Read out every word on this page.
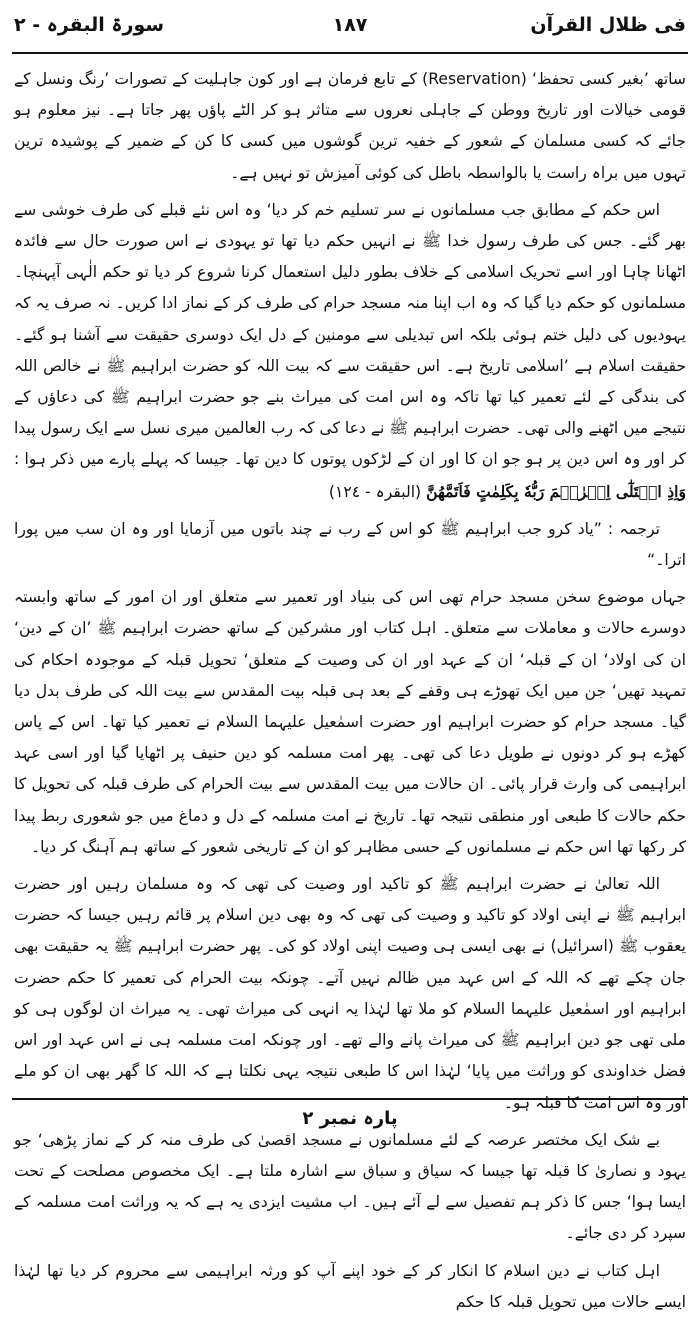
فی ظلال القرآن
١٨٧
سورۃ البقرہ - ٢

ساتھ ’بغیر کسی تحفظ‘ (Reservation) کے تابع فرمان ہے اور کون جاہلیت کے تصورات ’رنگ ونسل کے قومی خیالات اور تاریخ ووطن کے جاہلی نعروں سے متاثر ہو کر الٹے پاؤں پھر جاتا ہے۔ نیز معلوم ہو جائے کہ کسی مسلمان کے شعور کے خفیہ ترین گوشوں میں کسی کا کن کے ضمیر کے پوشیدہ ترین تہوں میں براہ راست یا بالواسطہ باطل کی کوئی آمیزش تو نہیں ہے۔

اس حکم کے مطابق جب مسلمانوں نے سر تسلیم خم کر دیا‘ وہ اس نئے قبلے کی طرف خوشی سے بھر گئے۔ جس کی طرف رسول خدا ﷺ نے انہیں حکم دیا تھا تو یہودی نے اس صورت حال سے فائدہ اٹھانا چاہا اور اسے تحریک اسلامی کے خلاف بطور دلیل استعمال کرنا شروع کر دیا تو حکم الٰہی آپہنچا۔ مسلمانوں کو حکم دیا گیا کہ وہ اب اپنا منہ مسجد حرام کی طرف کر کے نماز ادا کریں۔ نہ صرف یہ کہ یہودیوں کی دلیل ختم ہوئی بلکہ اس تبدیلی سے مومنین کے دل ایک دوسری حقیقت سے آشنا ہو گئے۔ حقیقت اسلام ہے ’اسلامی تاریخ ہے۔ اس حقیقت سے کہ بیت اللہ کو حضرت ابراہیم ﷺ نے خالص اللہ کی بندگی کے لئے تعمیر کیا تھا تاکہ وہ اس امت کی میراث بنے جو حضرت ابراہیم ﷺ کی دعاؤں کے نتیجے میں اٹھنے والی تھی۔ حضرت ابراہیم ﷺ نے دعا کی کہ رب العالمین میری نسل سے ایک رسول پیدا کر اور وہ اس دین پر ہو جو ان کا اور ان کے لڑکوں پوتوں کا دین تھا۔ جیسا کہ پہلے پارے میں ذکر ہوا : وَاِذِ ابۡتَلٰٓى اِبۡرٰهٖمَ رَبُّهٗ بِکَلِمٰتٍ فَاَتَمَّهُنَّ (البقرہ - ١٢٤)

ترجمہ : ”یاد کرو جب ابراہیم ﷺ کو اس کے رب نے چند باتوں میں آزمایا اور وہ ان سب میں پورا اترا۔“

جہاں موضوع سخن مسجد حرام تھی اس کی بنیاد اور تعمیر سے متعلق اور ان امور کے ساتھ وابستہ دوسرے حالات و معاملات سے متعلق۔ اہل کتاب اور مشرکین کے ساتھ حضرت ابراہیم ﷺ ’ان کے دین‘ ان کی اولاد‘ ان کے قبلہ‘ ان کے عہد اور ان کی وصیت کے متعلق‘ تحویل قبلہ کے موجودہ احکام کی تمہید تھیں‘ جن میں ایک تھوڑے ہی وقفے کے بعد ہی قبلہ بیت المقدس سے بیت اللہ کی طرف بدل دیا گیا۔ مسجد حرام کو حضرت ابراہیم اور حضرت اسمٰعیل علیہما السلام نے تعمیر کیا تھا۔ اس کے پاس کھڑے ہو کر دونوں نے طویل دعا کی تھی۔ پھر امت مسلمہ کو دین حنیف پر اٹھایا گیا اور اسی عہد ابراہیمی کی وارث قرار پائی۔ ان حالات میں بیت المقدس سے بیت الحرام کی طرف قبلہ کی تحویل کا حکم حالات کا طبعی اور منطقی نتیجہ تھا۔ تاریخ نے امت مسلمہ کے دل و دماغ میں جو شعوری ربط پیدا کر رکھا تھا اس حکم نے مسلمانوں کے حسی مظاہر کو ان کے تاریخی شعور کے ساتھ ہم آہنگ کر دیا۔

اللہ تعالیٰ نے حضرت ابراہیم ﷺ کو تاکید اور وصیت کی تھی کہ وہ مسلمان رہیں اور حضرت ابراہیم ﷺ نے اپنی اولاد کو تاکید و وصیت کی تھی کہ وہ بھی دین اسلام پر قائم رہیں جیسا کہ حضرت یعقوب ﷺ (اسرائیل) نے بھی ایسی ہی وصیت اپنی اولاد کو کی۔ پھر حضرت ابراہیم ﷺ یہ حقیقت بھی جان چکے تھے کہ اللہ کے اس عہد میں ظالم نہیں آتے۔ چونکہ بیت الحرام کی تعمیر کا حکم حضرت ابراہیم اور اسمٰعیل علیہما السلام کو ملا تھا لہٰذا یہ انہی کی میراث تھی۔ یہ میراث ان لوگوں ہی کو ملی تھی جو دین ابراہیم ﷺ کی میراث پانے والے تھے۔ اور چونکہ امت مسلمہ ہی نے اس عہد اور اس فضل خداوندی کو وراثت میں پایا‘ لہٰذا اس کا طبعی نتیجہ یہی نکلتا ہے کہ اللہ کا گھر بھی ان کو ملے اور وہ اس امت کا قبلہ ہو۔

بے شک ایک مختصر عرصہ کے لئے مسلمانوں نے مسجد اقصیٰ کی طرف منہ کر کے نماز پڑھی‘ جو یہود و نصاریٰ کا قبلہ تھا جیسا کہ سیاق و سباق سے اشارہ ملتا ہے۔ ایک مخصوص مصلحت کے تحت ایسا ہوا‘ جس کا ذکر ہم تفصیل سے لے آئے ہیں۔ اب مشیت ایزدی یہ ہے کہ یہ وراثت امت مسلمہ کے سپرد کر دی جائے۔

اہل کتاب نے دین اسلام کا انکار کر کے خود اپنے آپ کو ورثہ ابراہیمی سے محروم کر دیا تھا لہٰذا ایسے حالات میں تحویل قبلہ کا حکم

پارہ نمبر ٢
